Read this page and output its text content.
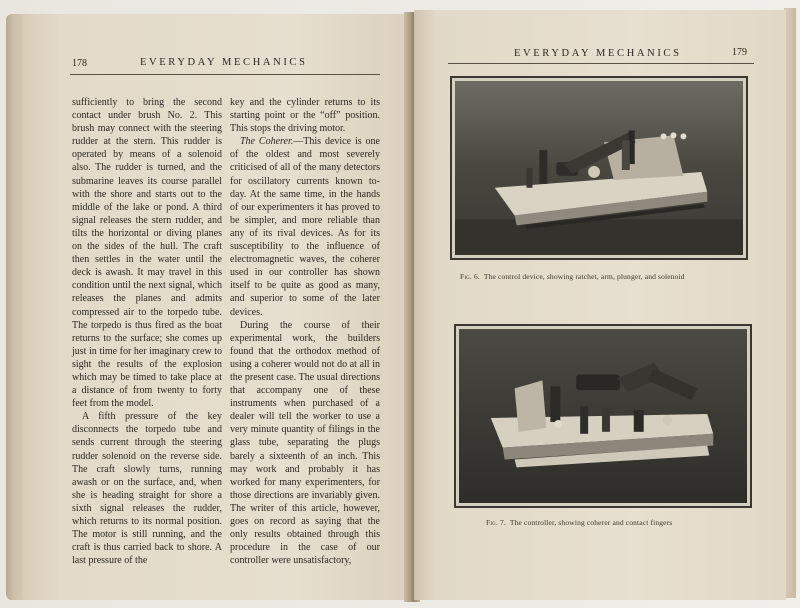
178	EVERYDAY MECHANICS

sufficiently to bring the second contact under brush No. 2. This brush may connect with the steering rudder at the stern. This rudder is operated by means of a solenoid also. The rudder is turned, and the submarine leaves its course parallel with the shore and starts out to the middle of the lake or pond. A third signal releases the stern rudder, and tilts the horizontal or diving planes on the sides of the hull. The craft then settles in the water until the deck is awash. It may travel in this condition until the next signal, which releases the planes and admits compressed air to the torpedo tube. The torpedo is thus fired as the boat returns to the surface; she comes up just in time for her imaginary crew to sight the results of the explosion which may be timed to take place at a distance of from twenty to forty feet from the model.

A fifth pressure of the key disconnects the torpedo tube and sends current through the steering rudder solenoid on the reverse side. The craft slowly turns, running awash or on the surface, and, when she is heading straight for shore a sixth signal releases the rudder, which returns to its normal position. The motor is still running, and the craft is thus carried back to shore. A last pressure of the

key and the cylinder returns to its starting point or the “off” position. This stops the driving motor.

The Coherer.—This device is one of the oldest and most severely criticised of all of the many detectors for oscillatory currents known to-day. At the same time, in the hands of our experimenters it has proved to be simpler, and more reliable than any of its rival devices. As for its susceptibility to the influence of electromagnetic waves, the coherer used in our controller has shown itself to be quite as good as many, and superior to some of the later devices.

During the course of their experimental work, the builders found that the orthodox method of using a coherer would not do at all in the present case. The usual directions that accompany one of these instruments when purchased of a dealer will tell the worker to use a very minute quantity of filings in the glass tube, separating the plugs barely a sixteenth of an inch. This may work and probably it has worked for many experimenters, for those directions are invariably given. The writer of this article, however, goes on record as saying that the only results obtained through this procedure in the case of our controller were unsatisfactory,

EVERYDAY MECHANICS	179
Fig. 6. The control device, showing ratchet, arm, plunger, and solenoid
Fig. 7. The controller, showing coherer and contact fingers
